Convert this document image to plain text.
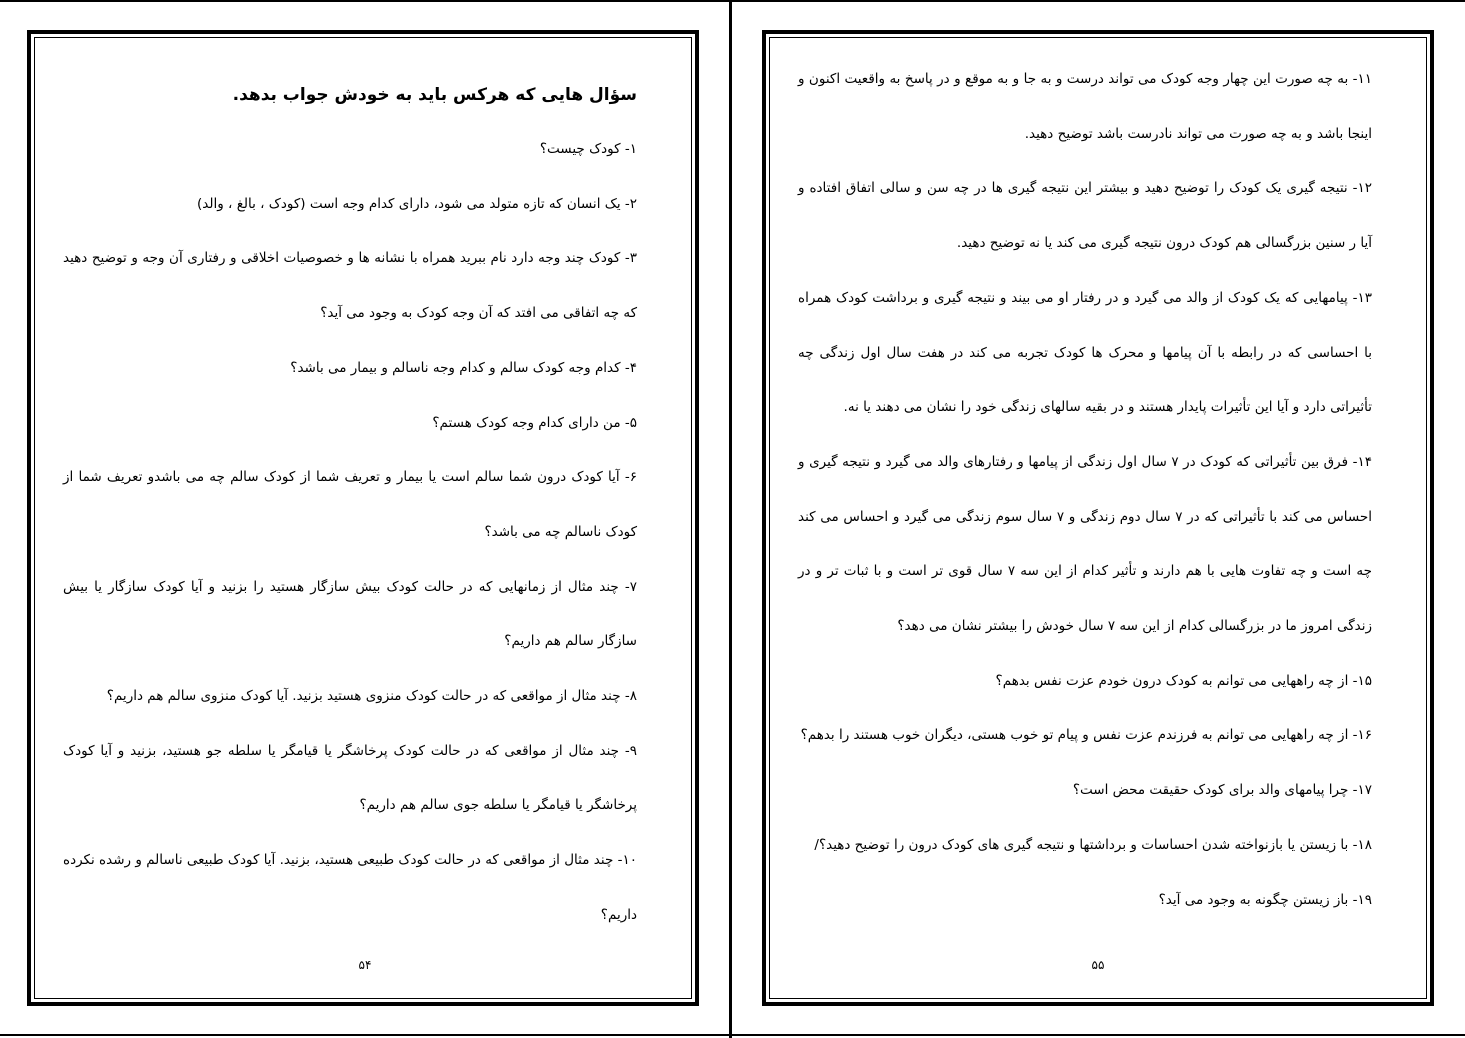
سؤال هایی که هرکس باید به خودش جواب بدهد.

۱- کودک چیست؟

۲- یک انسان که تازه متولد می شود، دارای کدام وجه است (کودک ، بالغ ، والد)

۳- کودک چند وجه دارد نام ببرید همراه با نشانه ها و خصوصیات اخلاقی و رفتاری آن وجه و توضیح دهید که چه اتفاقی می افتد که آن وجه کودک به وجود می آید؟

۴- کدام وجه کودک سالم و کدام وجه ناسالم و بیمار می باشد؟

۵- من دارای کدام وجه کودک هستم؟

۶- آیا کودک درون شما سالم است یا بیمار و تعریف شما از کودک سالم چه می باشدو تعریف شما از کودک ناسالم چه می باشد؟

۷- چند مثال از زمانهایی که در حالت کودک بیش سازگار هستید را بزنید و آیا کودک سازگار یا بیش سازگار سالم هم داریم؟

۸- چند مثال از مواقعی که در حالت کودک منزوی هستید بزنید. آیا کودک منزوی سالم هم داریم؟

۹- چند مثال از مواقعی که در حالت کودک پرخاشگر یا قیامگر یا سلطه جو هستید، بزنید و آیا کودک پرخاشگر یا قیامگر یا سلطه جوی سالم هم داریم؟

۱۰- چند مثال از مواقعی که در حالت کودک طبیعی هستید، بزنید. آیا کودک طبیعی ناسالم و رشده نکرده داریم؟

۵۴

۱۱- به چه صورت این چهار وجه کودک می تواند درست و به جا و به موقع و در پاسخ به واقعیت اکنون و اینجا باشد و به چه صورت می تواند نادرست باشد توضیح دهید.

۱۲- نتیجه گیری یک کودک را توضیح دهید و بیشتر این نتیجه گیری ها در چه سن و سالی اتفاق افتاده و آیا ر سنین بزرگسالی هم کودک درون نتیجه گیری می کند یا نه توضیح دهید.

۱۳- پیامهایی که یک کودک از والد می گیرد و در رفتار او می بیند و نتیجه گیری و برداشت کودک همراه با احساسی که در رابطه با آن پیامها و محرک ها کودک تجربه می کند در هفت سال اول زندگی چه تأثیراتی دارد و آیا این تأثیرات پایدار هستند و در بقیه سالهای زندگی خود را نشان می دهند یا نه.

۱۴- فرق بین تأثیراتی که کودک در ۷ سال اول زندگی از پیامها و رفتارهای والد می گیرد و نتیجه گیری و احساس می کند با تأثیراتی که در ۷ سال دوم زندگی و ۷ سال سوم زندگی می گیرد و احساس می کند چه است و چه تفاوت هایی با هم دارند و تأثیر کدام از این سه ۷ سال قوی تر است و با ثبات تر و در زندگی امروز ما در بزرگسالی کدام از این سه ۷ سال خودش را بیشتر نشان می دهد؟

۱۵- از چه راههایی می توانم به کودک درون خودم عزت نفس بدهم؟

۱۶- از چه راههایی می توانم به فرزندم عزت نفس و پیام تو خوب هستی، دیگران خوب هستند را بدهم؟

۱۷- چرا پیامهای والد برای کودک حقیقت محض است؟

۱۸- با زیستن یا بازنواخته شدن احساسات و برداشتها و نتیجه گیری های کودک درون را توضیح دهید؟/

۱۹- باز زیستن چگونه به وجود می آید؟

۵۵
